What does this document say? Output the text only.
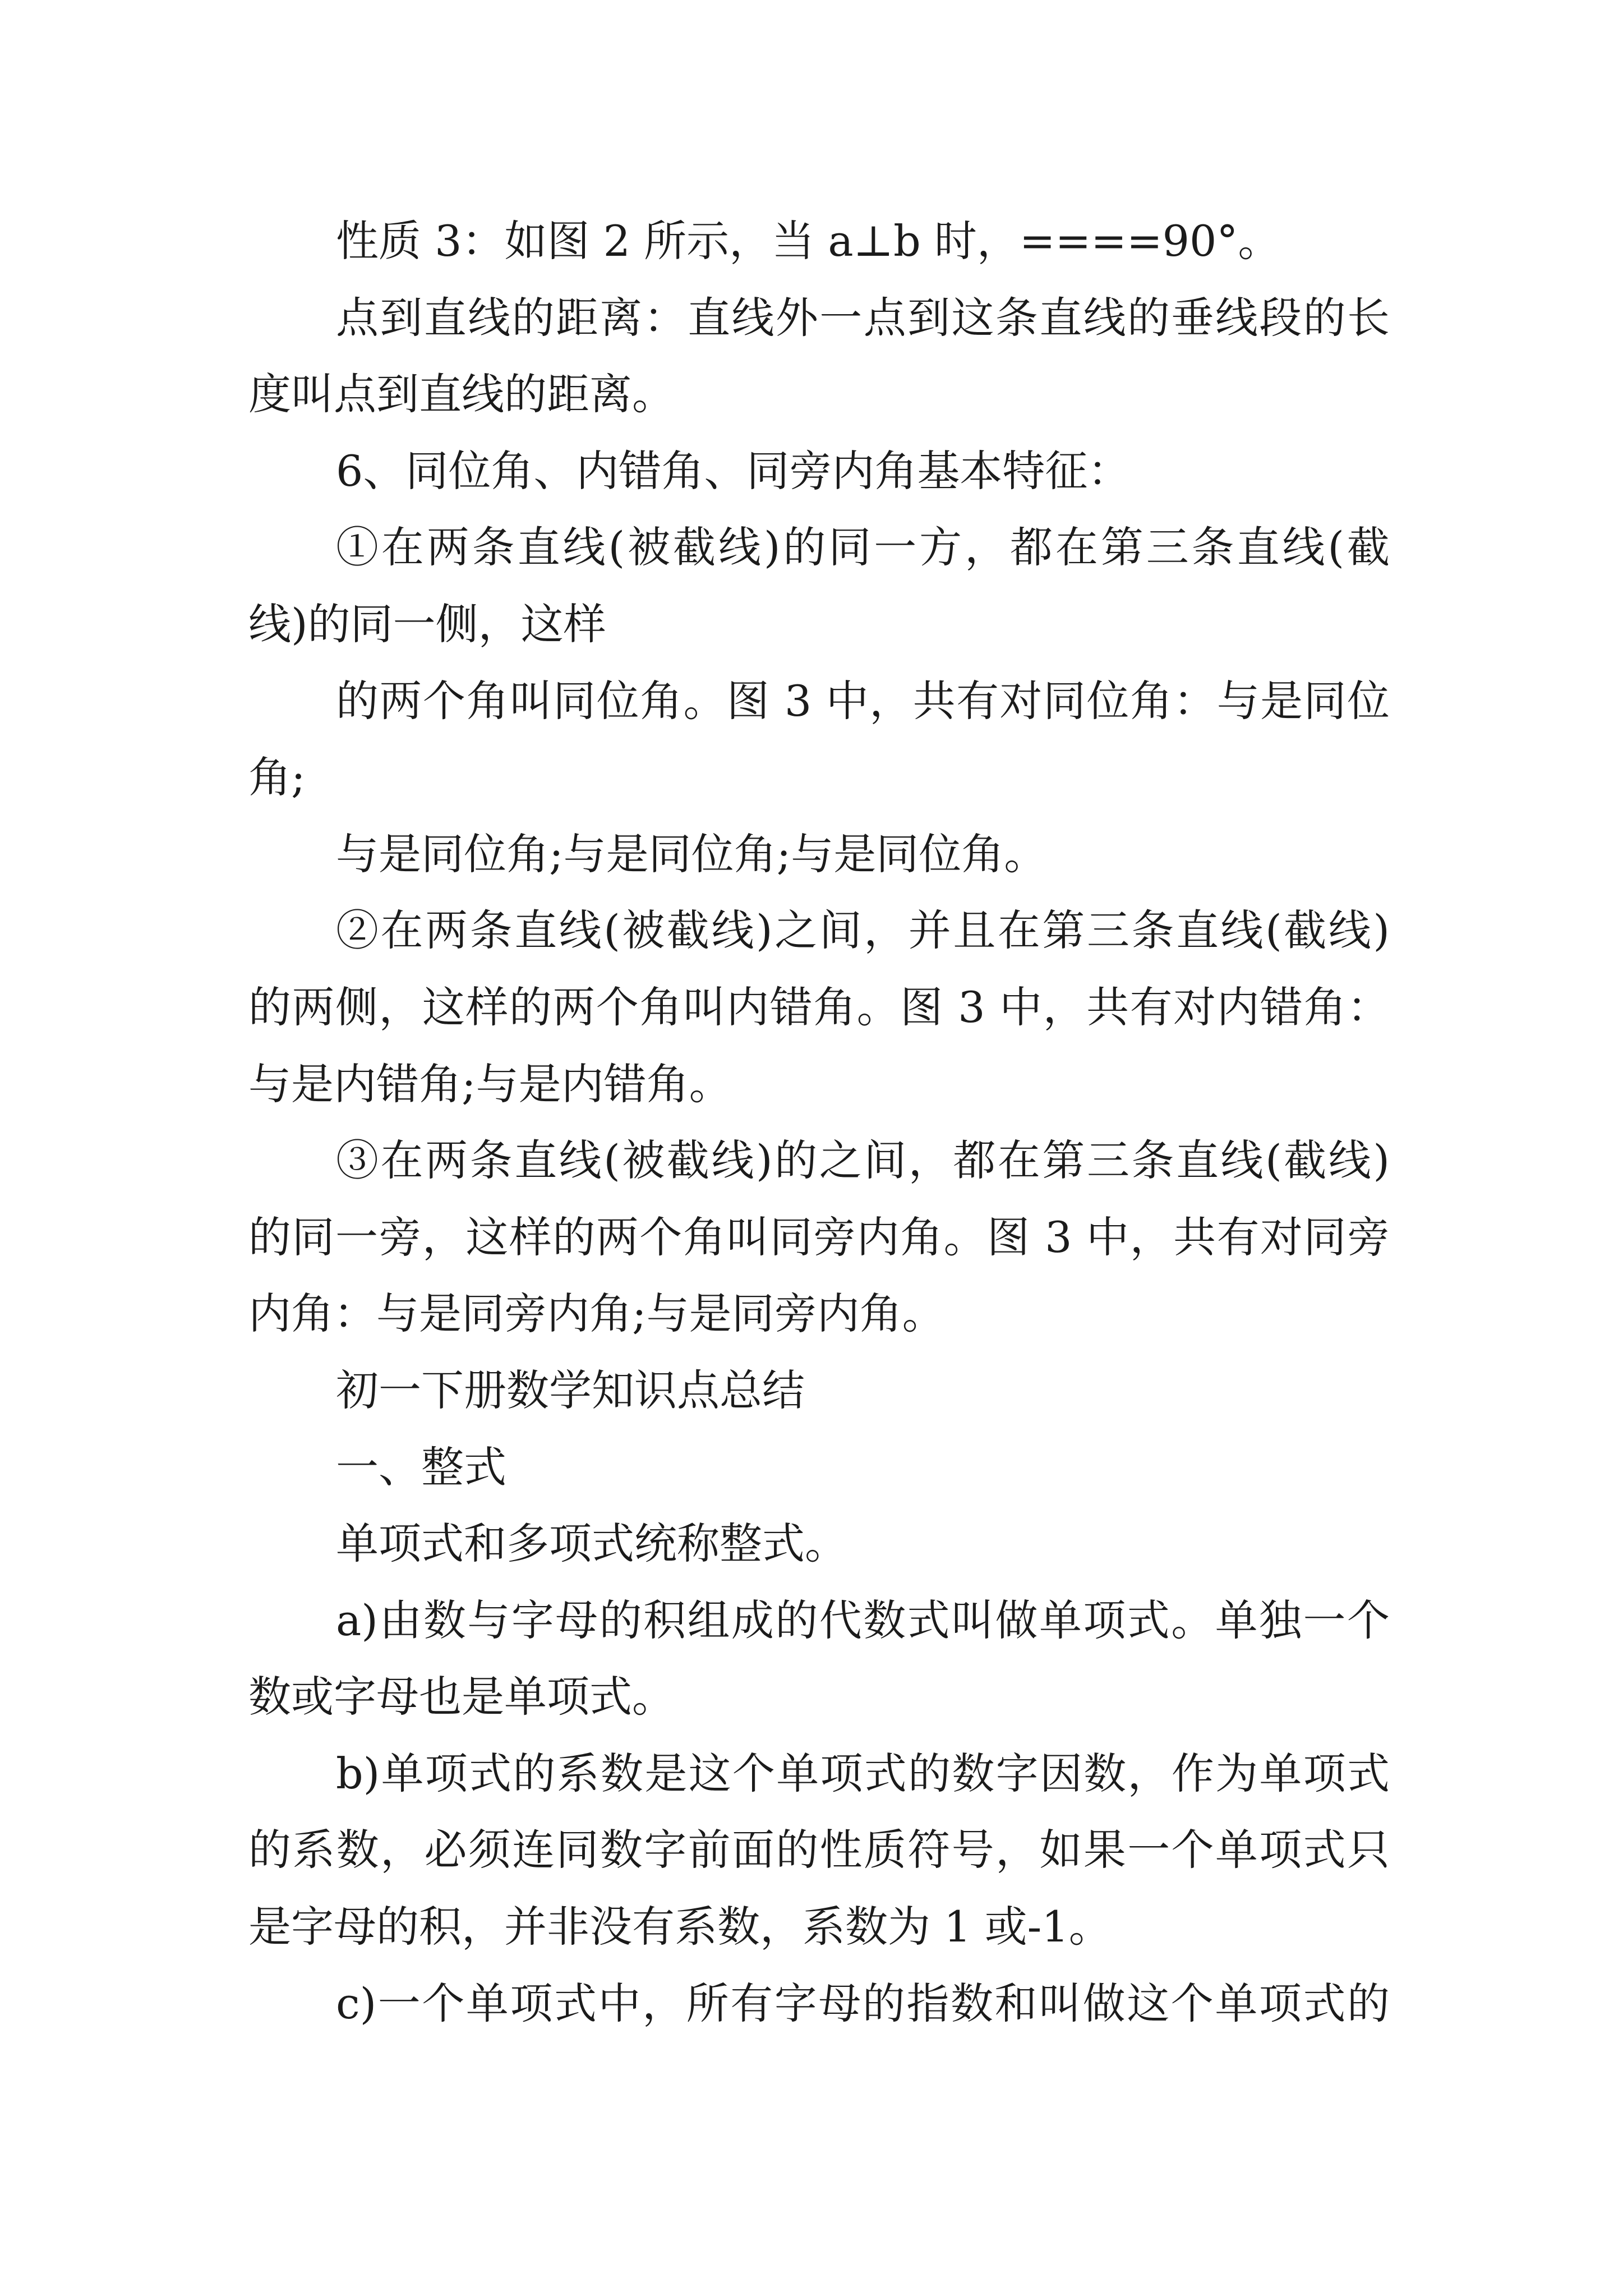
性质 3：如图 2 所示，当 a⊥b 时，====90°。
点到直线的距离：直线外一点到这条直线的垂线段的长
度叫点到直线的距离。
6、同位角、内错角、同旁内角基本特征：
①在两条直线(被截线)的同一方，都在第三条直线(截
线)的同一侧，这样
的两个角叫同位角。图 3 中，共有对同位角：与是同位
角;
与是同位角;与是同位角;与是同位角。
②在两条直线(被截线)之间，并且在第三条直线(截线)
的两侧，这样的两个角叫内错角。图 3 中，共有对内错角：
与是内错角;与是内错角。
③在两条直线(被截线)的之间，都在第三条直线(截线)
的同一旁，这样的两个角叫同旁内角。图 3 中，共有对同旁
内角：与是同旁内角;与是同旁内角。
初一下册数学知识点总结
一、整式
单项式和多项式统称整式。
a)由数与字母的积组成的代数式叫做单项式。单独一个
数或字母也是单项式。
b)单项式的系数是这个单项式的数字因数，作为单项式
的系数，必须连同数字前面的性质符号，如果一个单项式只
是字母的积，并非没有系数，系数为 1 或-1。
c)一个单项式中，所有字母的指数和叫做这个单项式的
